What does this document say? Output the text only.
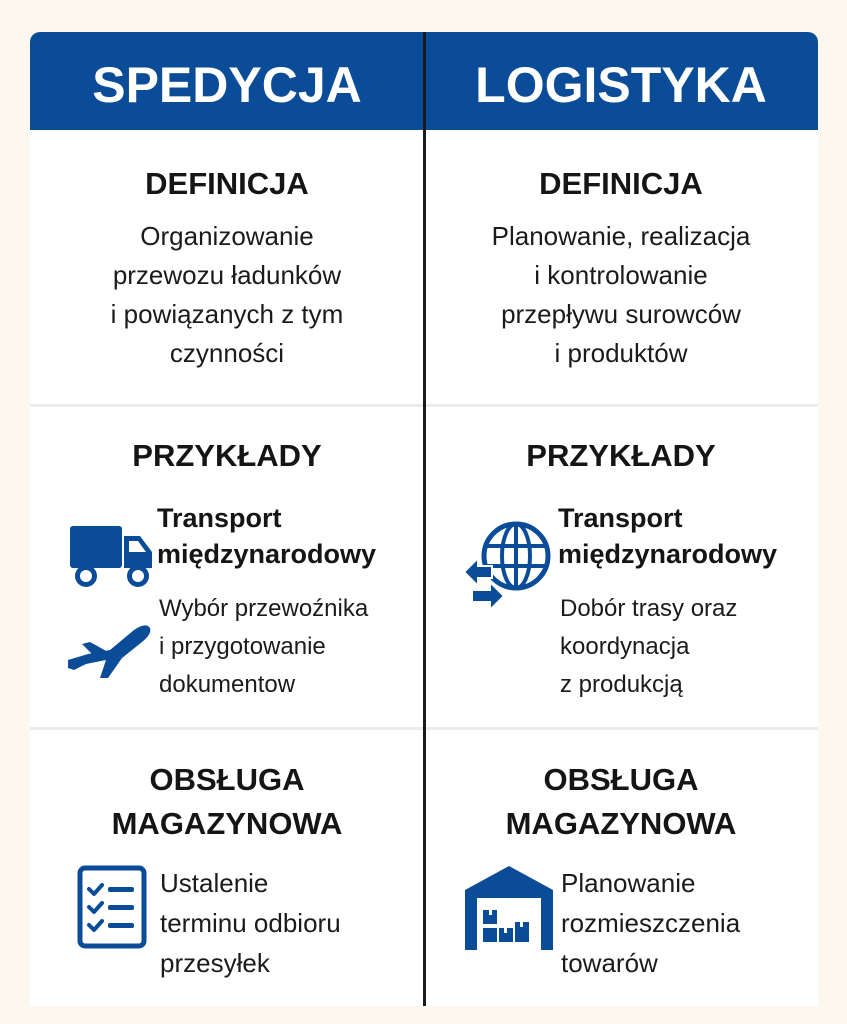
SPEDYCJA	LOGISTYKA
DEFINICJA
Organizowanie
przewozu ładunków
i powiązanych z tym
czynności
PRZYKŁADY
Transport
międzynarodowy
Wybór przewoźnika
i przygotowanie
dokumentow
OBSŁUGA
MAGAZYNOWA
Ustalenie
terminu odbioru
przesyłek
DEFINICJA
Planowanie, realizacja
i kontrolowanie
przepływu surowców
i produktów
PRZYKŁADY
Transport
międzynarodowy
Dobór trasy oraz
koordynacja
z produkcją
OBSŁUGA
MAGAZYNOWA
Planowanie
rozmieszczenia
towarów
